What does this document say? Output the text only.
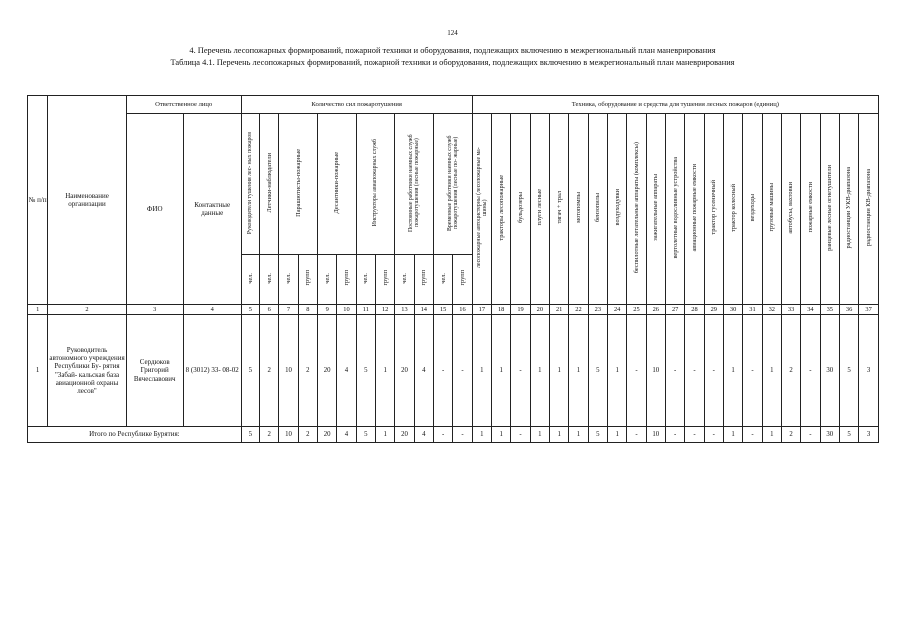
124
4. Перечень лесопожарных формирований, пожарной техники и оборудования, подлежащих включению в межрегиональный план маневрирования
Таблица 4.1. Перечень лесопожарных формирований, пожарной техники и оборудования, подлежащих включению в межрегиональный план маневрирования
№ п/п	Наименование организации	Ответственное лицо		Количество сил пожаротушения												Техника, оборудование и средства для тушения лесных пожаров (единиц)																				
		ФИО	Контактные данные	Руководители тушения лес- ных пожаров	Летчики-наблюдатели	Парашютисты-пожарные		Десантники-пожарные		Инструкторы авиапожарных служб		Постоянные работники наемных служб пожаротушения (лесные пожарные)		Временные работники наемных служб пожаротушения (лесные по- жарные)		лесопожарные автоцистерны (лесопожарные ма- шины)	тракторы лесопожарные	бульдозеры	плуги лесные	тягач + трал	мотопомпы	бензопилы	воздуходувки	беспилотные летательные аппараты (комплексы)	зажигательные аппараты	вертолетные водосливные устройства	авиационные пожарные емкости	трактор гусеничный	трактор колесный	вездеходы	грузовые машины	автобусы, вахтовки	пожарные емкости	ранцевые лесные огнетушители	радиостанции УКВ-диапазона	радиостанции КВ-диапазона
				чел.	чел.	чел.	групп	чел.	групп	чел.	групп	чел.	групп	чел.	групп																					
1	2	3	4	5	6	7	8	9	10	11	12	13	14	15	16	17	18	19	20	21	22	23	24	25	26	27	28	29	30	31	32	33	34	35	36	37
1	Руководитель автономного учреждения Республики Бу- рятия "Забай- кальская база авиационной охраны лесов"	Сердюков Григорий Вячеславович	8 (3012) 33- 08-02	5	2	10	2	20	4	5	1	20	4	-	-	1	1	-	1	1	1	5	1	-	10	-	-	-	1	-	1	2	-	30	5	3
Итого по Республике Бурятия:				5	2	10	2	20	4	5	1	20	4	-	-	1	1	-	1	1	1	5	1	-	10	-	-	-	1	-	1	2	-	30	5	3
